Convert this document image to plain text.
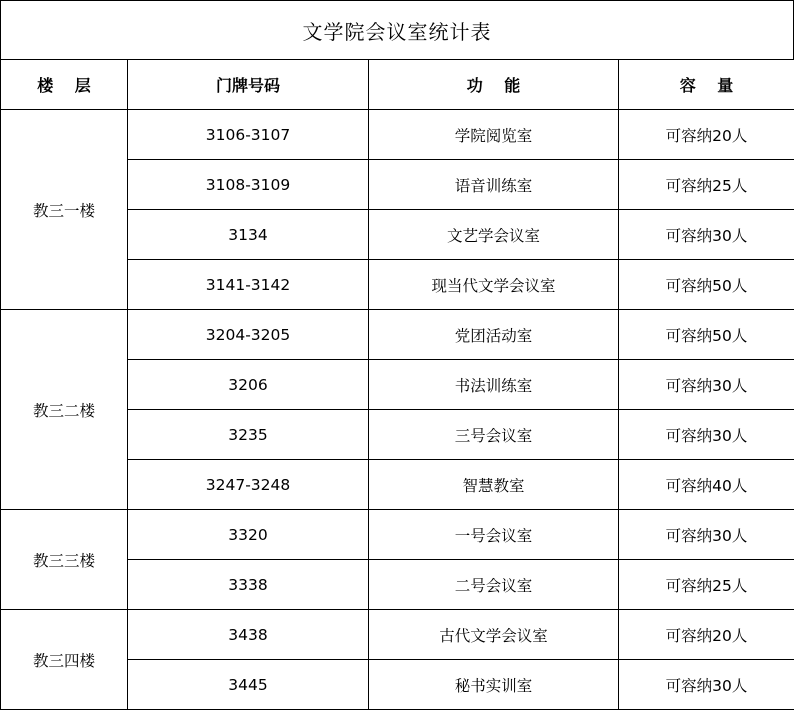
文学院会议室统计表
楼　 层	门牌号码	功　 能	容　 量
教三一楼	3106-3107	学院阅览室	可容纳20人
	3108-3109	语音训练室	可容纳25人
	3134	文艺学会议室	可容纳30人
	3141-3142	现当代文学会议室	可容纳50人
教三二楼	3204-3205	党团活动室	可容纳50人
	3206	书法训练室	可容纳30人
	3235	三号会议室	可容纳30人
	3247-3248	智慧教室	可容纳40人
教三三楼	3320	一号会议室	可容纳30人
	3338	二号会议室	可容纳25人
教三四楼	3438	古代文学会议室	可容纳20人
	3445	秘书实训室	可容纳30人
